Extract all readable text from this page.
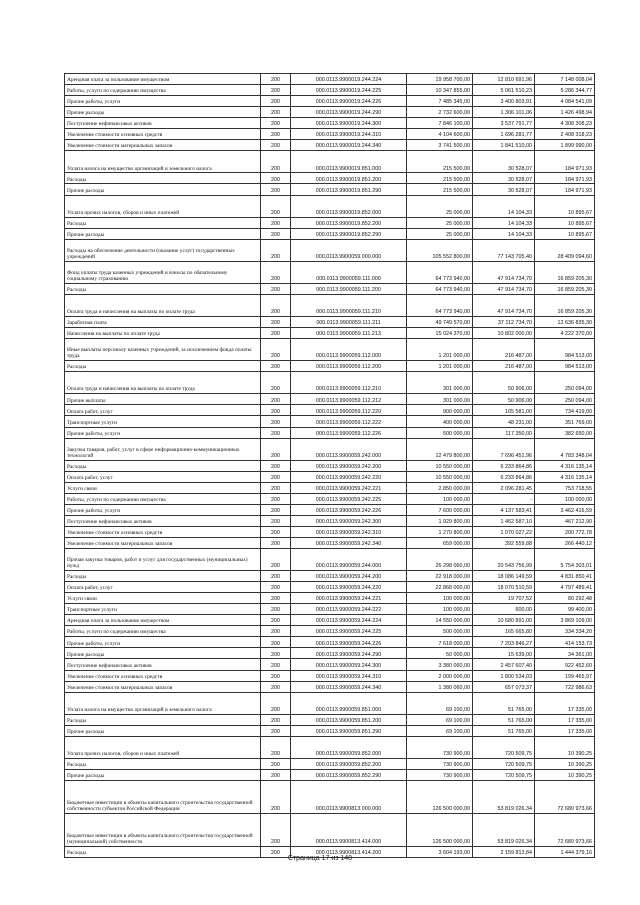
Арендная плата за пользование имуществом	200	000.0113.9900019.244.224	19 958 700,00	12 810 691,96	7 148 008,04
Работы, услуги по содержанию имущества	200	000.0113.9900019.244.225	10 347 855,00	5 061 510,23	5 286 344,77
Прочие работы, услуги	200	000.0113.9900019.244.226	7 485 345,00	3 400 803,91	4 084 541,09
Прочие расходы	200	000.0113.9900019.244.290	2 732 600,00	1 306 101,06	1 426 498,94
Поступление нефинансовых активов	200	000.0113.9900019.244.300	7 846 100,00	3 537 791,77	4 308 308,23
Увеличение стоимости основных средств	200	000.0113.9900019.244.310	4 104 600,00	1 696 281,77	2 408 318,23
Увеличение стоимости материальных запасов	200	000.0113.9900019.244.340	3 741 500,00	1 841 510,00	1 899 990,00
Уплата налога на имущество организаций и земельного налога	200	000.0113.9900019.851.000	215 500,00	30 528,07	184 971,93
Расходы	200	000.0113.9900019.851.200	215 500,00	30 528,07	184 971,93
Прочие расходы	200	000.0113.9900019.851.290	215 500,00	30 528,07	184 971,93
Уплата прочих налогов, сборов и иных платежей	200	000.0113.9900019.852.000	25 000,00	14 104,33	10 895,67
Расходы	200	000.0113.9900019.852.200	25 000,00	14 104,33	10 895,67
Прочие расходы	200	000.0113.9900019.852.290	25 000,00	14 104,33	10 895,67
Расходы на обеспечение деятельности (оказание услуг) государственных учреждений	200	000.0113.9900059.000.000	105 552 800,00	77 143 705,40	28 409 094,60
Фонд оплаты труда казенных учреждений и взносы по обязательному социальному страхованию	200	000.0113.9900059.111.000	64 773 940,00	47 914 734,70	16 859 205,30
Расходы	200	000.0113.9900059.111.200	64 773 940,00	47 914 734,70	16 859 205,30
Оплата труда и начисления на выплаты по оплате труда	200	000.0113.9900059.111.210	64 773 940,00	47 914 734,70	16 859 205,30
Заработная плата	200	000.0113.9900059.111.211	49 749 570,00	37 112 734,70	12 636 835,30
Начисления на выплаты по оплате труда	200	000.0113.9900059.111.213	15 024 370,00	10 802 000,00	4 222 370,00
Иные выплаты персоналу казенных учреждений, за исключением фонда оплаты труда	200	000.0113.9900059.112.000	1 201 000,00	216 487,00	984 513,00
Расходы	200	000.0113.9900059.112.200	1 201 000,00	216 487,00	984 513,00
Оплата труда и начисления на выплаты по оплате труда	200	000.0113.9900059.112.210	301 000,00	50 906,00	250 094,00
Прочие выплаты	200	000.0113.9900059.112.212	301 000,00	50 906,00	250 094,00
Оплата работ, услуг	200	000.0113.9900059.112.220	900 000,00	165 581,00	734 419,00
Транспортные услуги	200	000.0113.9900059.112.222	400 000,00	48 231,00	351 769,00
Прочие работы, услуги	200	000.0113.9900059.112.226	500 000,00	117 350,00	382 650,00
Закупка товаров, работ, услуг в сфере информационно-коммуникационных технологий	200	000.0113.9900059.242.000	12 479 800,00	7 696 451,96	4 783 348,04
Расходы	200	000.0113.9900059.242.200	10 550 000,00	6 233 864,86	4 316 135,14
Оплата работ, услуг	200	000.0113.9900059.242.220	10 550 000,00	6 233 864,86	4 316 135,14
Услуги связи	200	000.0113.9900059.242.221	2 850 000,00	2 096 281,45	753 718,55
Работы, услуги по содержанию имущества	200	000.0113.9900059.242.225	100 000,00	-	100 000,00
Прочие работы, услуги	200	000.0113.9900059.242.226	7 600 000,00	4 137 583,41	3 462 416,59
Поступление нефинансовых активов	200	000.0113.9900059.242.300	1 929 800,00	1 462 587,10	467 212,90
Увеличение стоимости основных средств	200	000.0113.9900059.242.310	1 270 800,00	1 070 027,22	200 772,78
Увеличение стоимости материальных запасов	200	000.0113.9900059.242.340	659 000,00	392 559,88	266 440,12
Прочая закупка товаров, работ и услуг для государственных (муниципальных) нужд	200	000.0113.9900059.244.000	26 298 060,00	20 543 756,99	5 754 303,01
Расходы	200	000.0113.9900059.244.200	22 918 000,00	18 086 149,59	4 831 850,41
Оплата работ, услуг	200	000.0113.9900059.244.220	22 868 000,00	18 070 510,59	4 797 489,41
Услуги связи	200	000.0113.9900059.244.221	100 000,00	19 707,52	80 292,48
Транспортные услуги	200	000.0113.9900059.244.222	100 000,00	600,00	99 400,00
Арендная плата за пользование имуществом	200	000.0113.9900059.244.224	14 550 000,00	10 680 891,00	3 869 109,00
Работы, услуги по содержанию имущества	200	000.0113.9900059.244.225	500 000,00	165 665,80	334 334,20
Прочие работы, услуги	200	000.0113.9900059.244.226	7 618 000,00	7 203 846,27	414 153,73
Прочие расходы	200	000.0113.9900059.244.290	50 000,00	15 639,00	34 361,00
Поступление нефинансовых активов	200	000.0113.9900059.244.300	3 380 060,00	2 457 607,40	922 452,60
Увеличение стоимости основных средств	200	000.0113.9900059.244.310	2 000 000,00	1 800 534,03	199 465,97
Увеличение стоимости материальных запасов	200	000.0113.9900059.244.340	1 380 060,00	657 073,37	722 986,63
Уплата налога на имущество организаций и земельного налога	200	000.0113.9900059.851.000	69 100,00	51 765,00	17 335,00
Расходы	200	000.0113.9900059.851.200	69 100,00	51 765,00	17 335,00
Прочие расходы	200	000.0113.9900059.851.290	69 100,00	51 765,00	17 335,00
Уплата прочих налогов, сборов и иных платежей	200	000.0113.9900059.852.000	730 900,00	720 509,75	10 390,25
Расходы	200	000.0113.9900059.852.200	730 900,00	720 509,75	10 390,25
Прочие расходы	200	000.0113.9900059.852.290	730 900,00	720 509,75	10 390,25
Бюджетные инвестиции в объекты капитального строительства государственной собственности субъектов Российской Федерации	200	000.0113.9900813.000.000	126 500 000,00	53 819 026,34	72 680 973,66
Бюджетные инвестиции в объекты капитального строительства государственной (муниципальной) собственности	200	000.0113.9900813.414.000	126 500 000,00	53 819 026,34	72 680 973,66
Расходы	200	000.0113.9900813.414.200	3 604 193,00	2 159 813,84	1 444 379,16
Страница 17 из 148
